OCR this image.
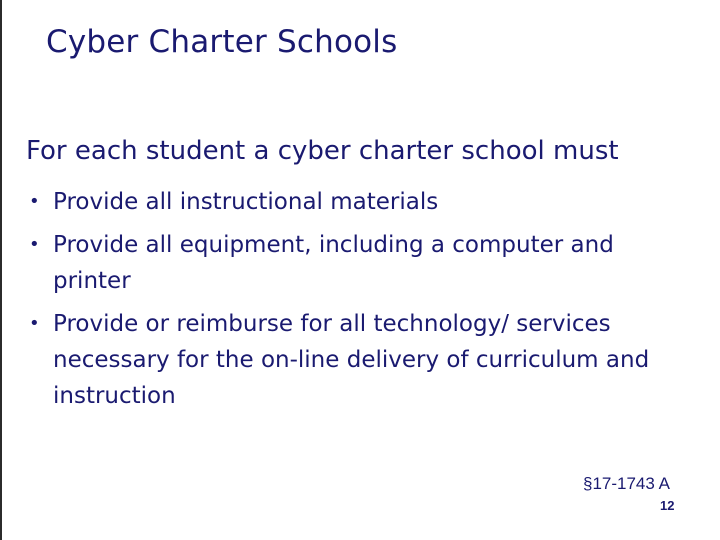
Cyber Charter Schools

For each student a cyber charter school must

• Provide all instructional materials
• Provide all equipment, including a computer and printer
• Provide or reimburse for all technology/ services necessary for the on-line delivery of curriculum and instruction

§17-1743 A

12
